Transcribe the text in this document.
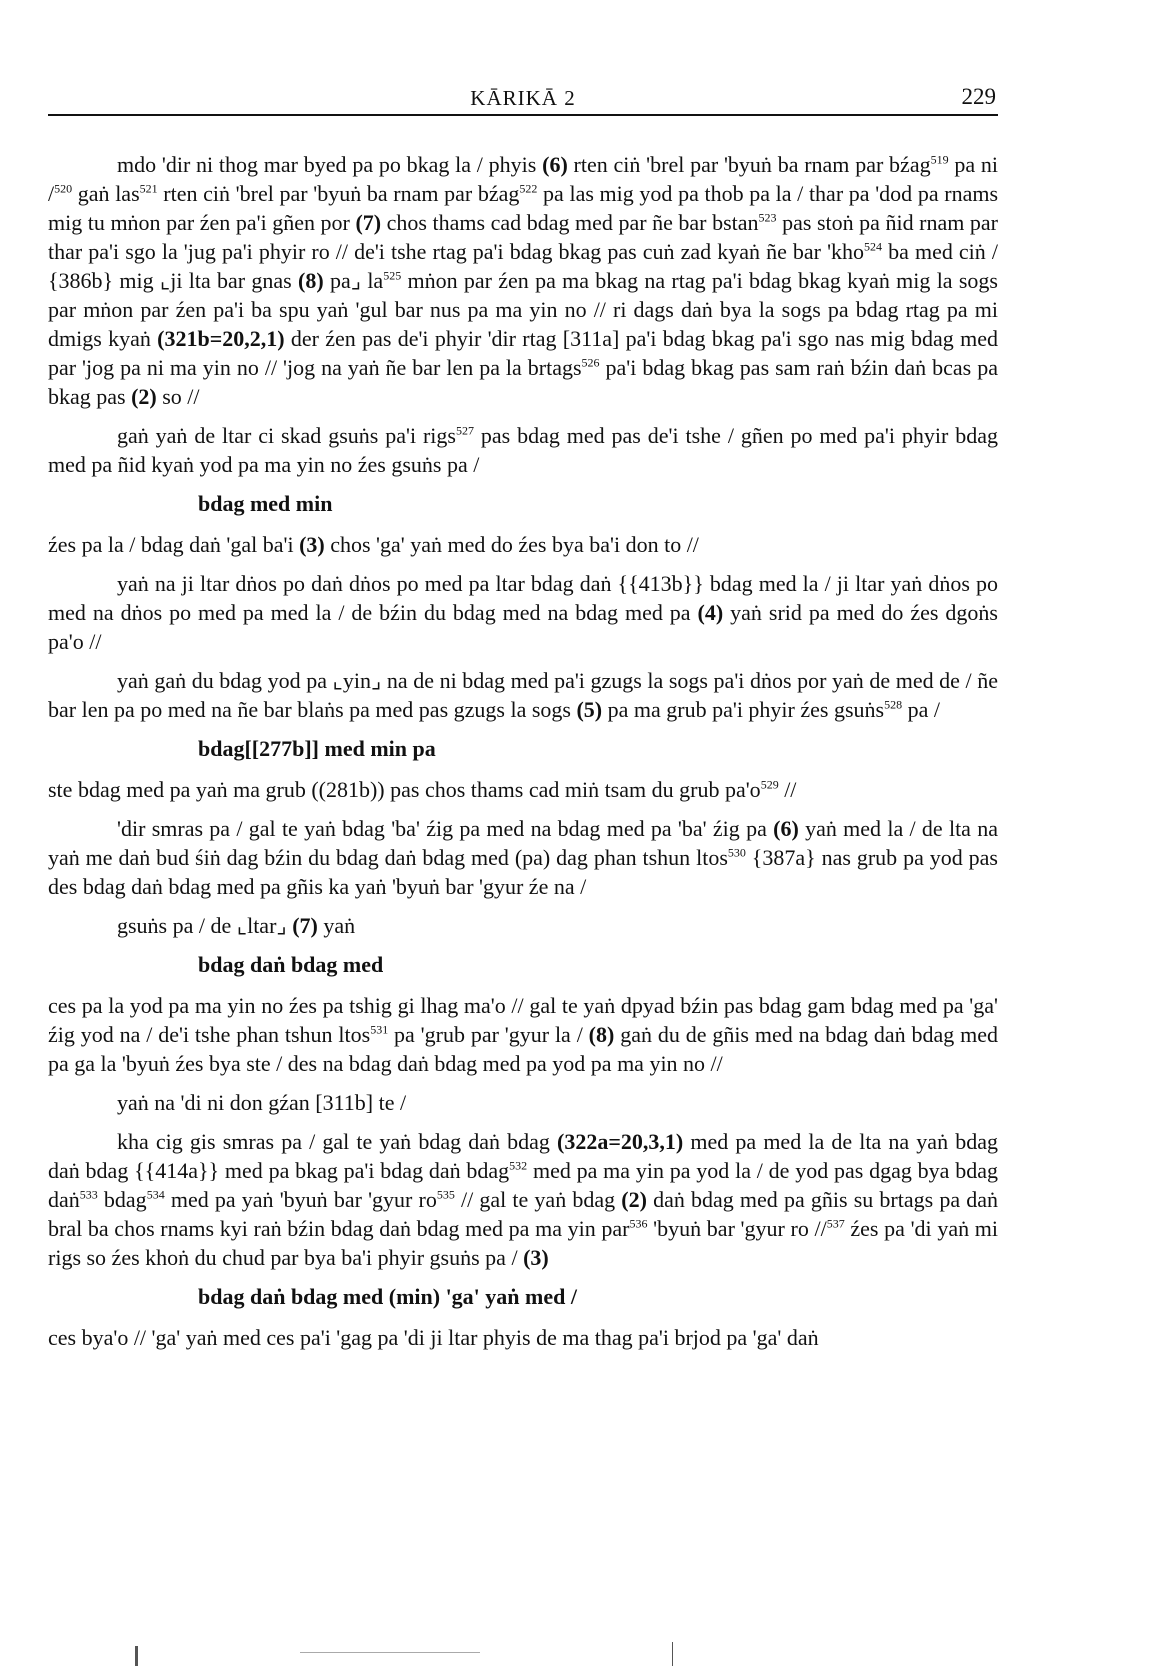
KĀRIKĀ 2	229

mdo 'dir ni thog mar byed pa po bkag la / phyis (6) rten ciṅ 'brel par 'byuṅ ba rnam par bźag$^{519}$ pa ni /$^{520}$ gaṅ las$^{521}$ rten ciṅ 'brel par 'byuṅ ba rnam par bźag$^{522}$ pa las mig yod pa thob pa la / thar pa 'dod pa rnams mig tu mṅon par źen pa'i gñen por (7) chos thams cad bdag med par ñe bar bstan$^{523}$ pas stoṅ pa ñid rnam par thar pa'i sgo la 'jug pa'i phyir ro // de'i tshe rtag pa'i bdag bkag pas cuṅ zad kyaṅ ñe bar 'kho$^{524}$ ba med ciṅ / {386b} mig ⌞ji lta bar gnas (8) pa⌟ $la^{525}$ mṅon par źen pa ma bkag na rtag pa'i bdag bkag kyaṅ mig la sogs par mṅon par źen pa'i ba spu yaṅ 'gul bar nus pa ma yin no // ri dags daṅ bya la sogs pa bdag rtag pa mi dmigs kyaṅ (321b=20,2,1) der źen pas de'i phyir 'dir rtag [311a] pa'i bdag bkag pa'i sgo nas mig bdag med par 'jog pa ni ma yin no // 'jog na yaṅ ñe bar len pa la brtags$^{526}$ pa'i bdag bkag pas sam raṅ bźin daṅ bcas pa bkag pas (2) so //

gaṅ yaṅ de ltar ci skad gsuṅs pa'i rigs$^{527}$ pas bdag med pas de'i tshe / gñen po med pa'i phyir bdag med pa ñid kyaṅ yod pa ma yin no źes gsuṅs pa /

bdag med min

źes pa la / bdag daṅ 'gal ba'i (3) chos 'ga' yaṅ med do źes bya ba'i don to //

yaṅ na ji ltar dṅos po daṅ dṅos po med pa ltar bdag daṅ {{413b}} bdag med la / ji ltar yaṅ dṅos po med na dṅos po med pa med la / de bźin du bdag med na bdag med pa (4) yaṅ srid pa med do źes dgoṅs pa'o //

yaṅ gaṅ du bdag yod pa ⌞yin⌟ na de ni bdag med pa'i gzugs la sogs pa'i dṅos por yaṅ de med de / ñe bar len pa po med na ñe bar blaṅs pa med pas gzugs la sogs (5) pa ma grub pa'i phyir źes gsuṅs$^{528}$ pa /

bdag[[277b]] med min pa

ste bdag med pa yaṅ ma grub ((281b)) pas chos thams cad miṅ tsam du grub $pa'o^{529}$ //

'dir smras pa / gal te yaṅ bdag 'ba' źig pa med na bdag med pa 'ba' źig pa (6) yaṅ med la / de lta na yaṅ me daṅ bud śiṅ dag bźin du bdag daṅ bdag med (pa) dag phan tshun ltos$^{530}$ {387a} nas grub pa yod pas des bdag daṅ bdag med pa gñis ka yaṅ 'byuṅ bar 'gyur źe na /

gsuṅs pa / de ⌞ltar⌟ (7) yaṅ

bdag daṅ bdag med

ces pa la yod pa ma yin no źes pa tshig gi lhag ma'o // gal te yaṅ dpyad bźin pas bdag gam bdag med pa 'ga' źig yod na / de'i tshe phan tshun ltos$^{531}$ pa 'grub par 'gyur la / (8) gaṅ du de gñis med na bdag daṅ bdag med pa ga la 'byuṅ źes bya ste / des na bdag daṅ bdag med pa yod pa ma yin no //

yaṅ na 'di ni don gźan [311b] te /

kha cig gis smras pa / gal te yaṅ bdag daṅ bdag (322a=20,3,1) med pa med la de lta na yaṅ bdag daṅ bdag {{414a}} med pa bkag pa'i bdag daṅ bdag$^{532}$ med pa ma yin pa yod la / de yod pas dgag bya bdag daṅ$^{533}$ bdag$^{534}$ med pa yaṅ 'byuṅ bar 'gyur $ro^{535}$ // gal te yaṅ bdag (2) daṅ bdag med pa gñis su brtags pa daṅ bral ba chos rnams kyi raṅ bźin bdag daṅ bdag med pa ma yin par$^{536}$ 'byuṅ bar 'gyur ro //$^{537}$ źes pa 'di yaṅ mi rigs so źes khoṅ du chud par bya ba'i phyir gsuṅs pa / (3)

bdag daṅ bdag med (min) 'ga' yaṅ med /

ces bya'o // 'ga' yaṅ med ces pa'i 'gag pa 'di ji ltar phyis de ma thag pa'i brjod pa 'ga' daṅ
